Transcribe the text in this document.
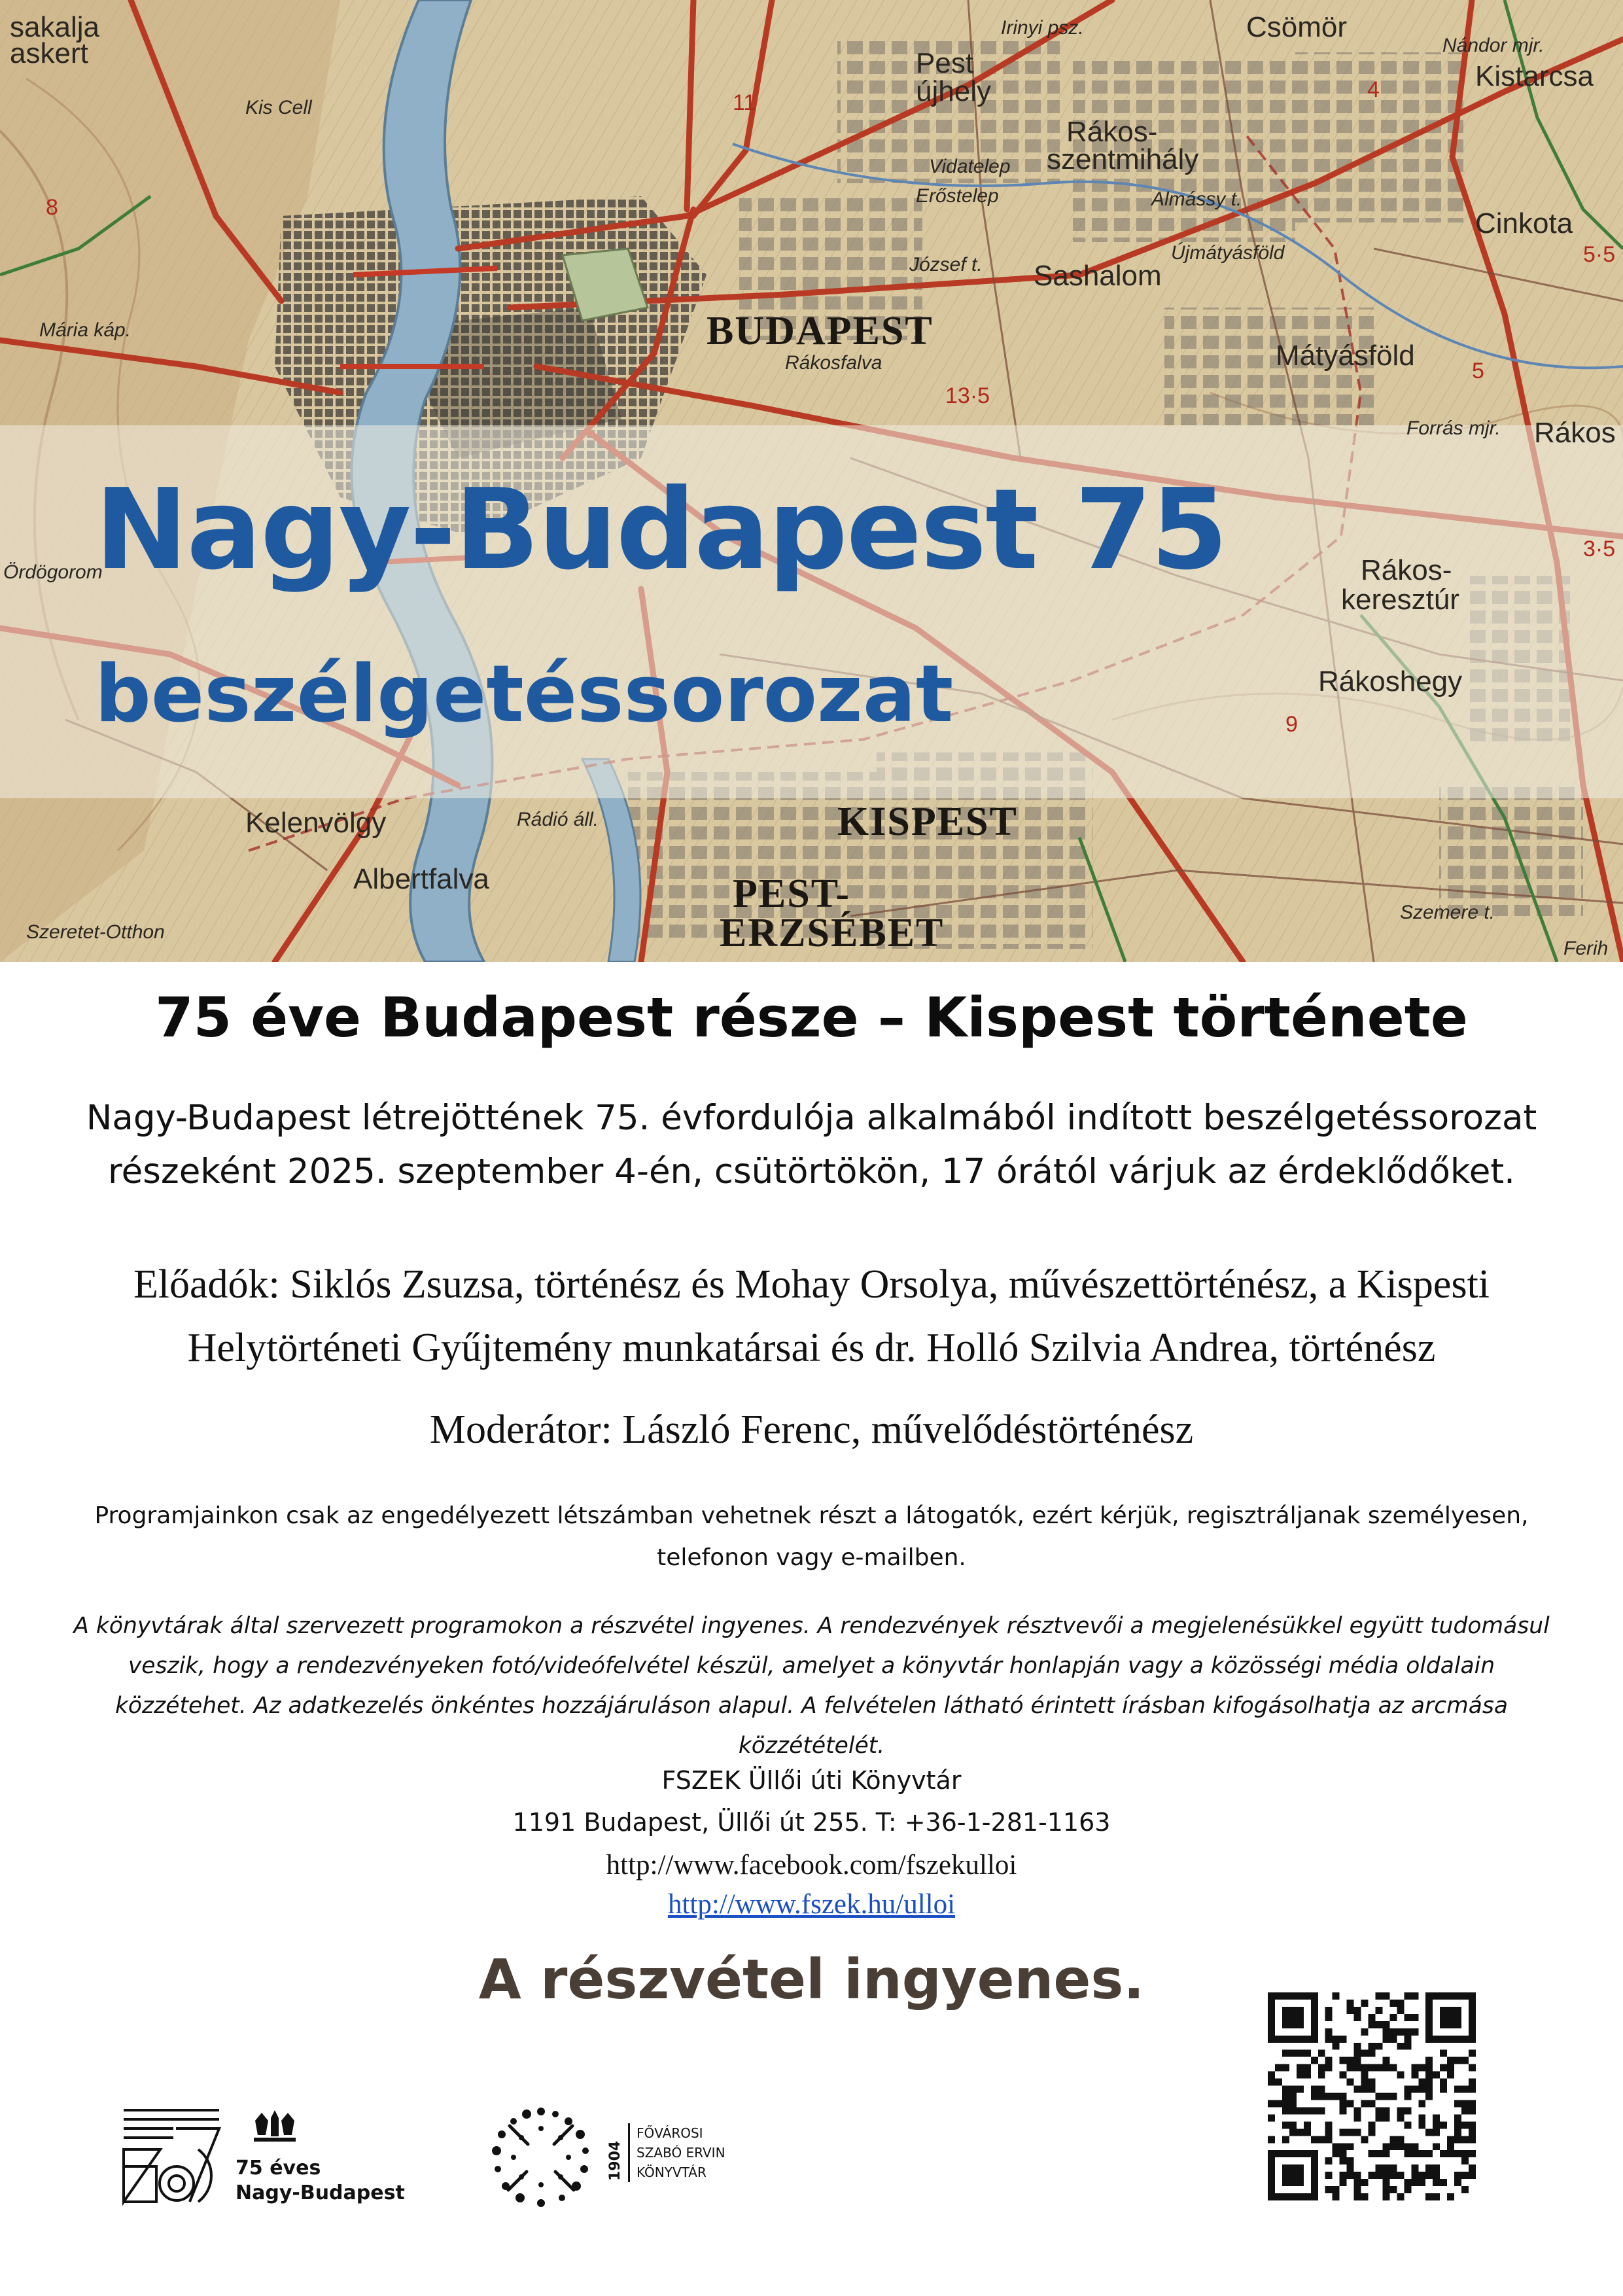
sakalja
askert
Kis Cell
Mária káp.
Ördögorom
Pest
újhely
Irinyi psz.	Csömör
Nándor mjr.
Kistarcsa
Vidatelep
Erőstelep
Rákos-
szentmihály
Almássy t.
Cinkota
József t. Sashalom
Újmátyásföld
BUDAPEST
Rákosfalva	Mátyásföld
Forrás mjr. Rákos
Rákos-
keresztúr
Rákoshegy
Rádió áll.
Kelenvölgy
Albertfalva
KISPEST
PEST-
ERZSÉBET
Szeretet-Otthon
Szemere t.
Ferih
11
13·5
5·5
3·5
4
5
8
9
Nagy-Budapest 75
beszélgetéssorozat
75 éve Budapest része – Kispest története
Nagy-Budapest létrejöttének 75. évfordulója alkalmából indított beszélgetéssorozat
részeként 2025. szeptember 4-én, csütörtökön, 17 órától várjuk az érdeklődőket.
Előadók: Siklós Zsuzsa, történész és Mohay Orsolya, művészettörténész, a Kispesti
Helytörténeti Gyűjtemény munkatársai és dr. Holló Szilvia Andrea, történész
Moderátor: László Ferenc, művelődéstörténész
Programjainkon csak az engedélyezett létszámban vehetnek részt a látogatók, ezért kérjük, regisztráljanak személyesen,
telefonon vagy e-mailben.
A könyvtárak által szervezett programokon a részvétel ingyenes. A rendezvények résztvevői a megjelenésükkel együtt tudomásul
veszik, hogy a rendezvényeken fotó/videófelvétel készül, amelyet a könyvtár honlapján vagy a közösségi média oldalain
közzétehet. Az adatkezelés önkéntes hozzájáruláson alapul. A felvételen látható érintett írásban kifogásolhatja az arcmása
közzétételét.
FSZEK Üllői úti Könyvtár
1191 Budapest, Üllői út 255. T: +36-1-281-1163
http://www.facebook.com/fszekulloi
http://www.fszek.hu/ulloi
A részvétel ingyenes.
75 éves
Nagy-Budapest
1904
FŐVÁROSI
SZABÓ ERVIN
KÖNYVTÁR
